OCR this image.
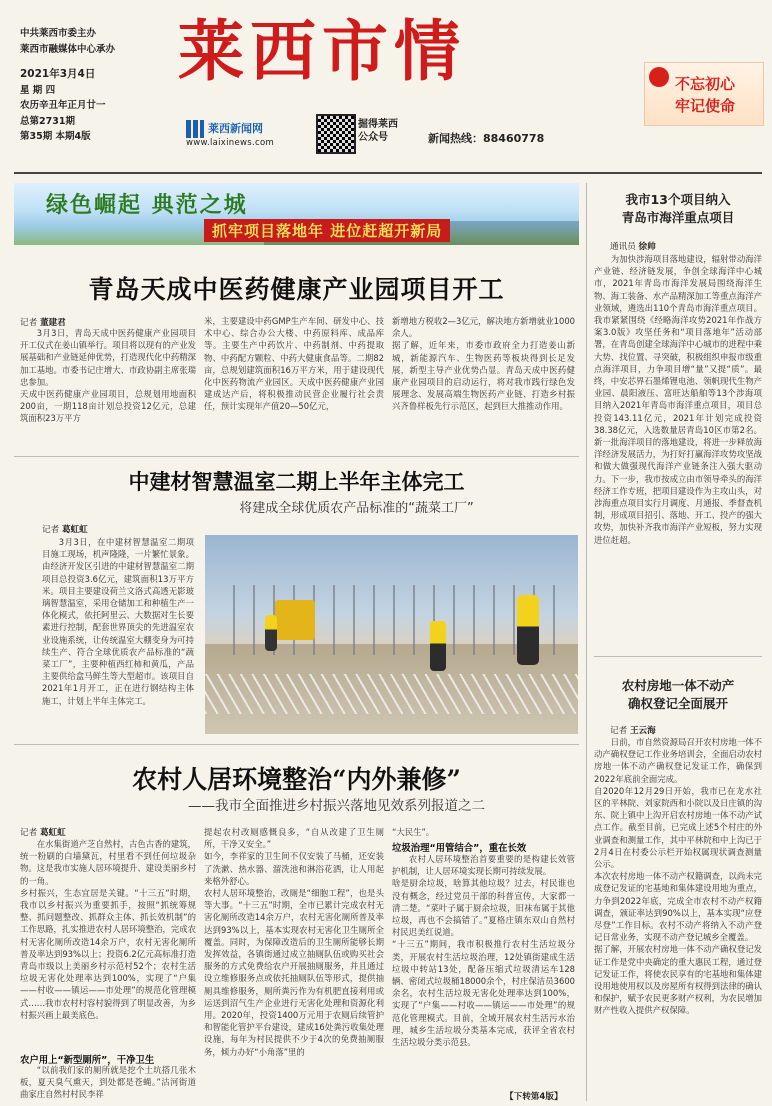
中共莱西市委主办
莱西市融媒体中心承办
2021年3月4日
星 期 四
农历辛丑年正月廿一
总第2731期
第35期 本期4版
莱西市情
莱西新闻网
www.laixinews.com
掘得莱西
公众号	新闻热线：88460778
不忘初心
牢记使命
绿色崛起 典范之城
抓牢项目落地年 进位赶超开新局
青岛天成中医药健康产业园项目开工
记者 董建君

3月3日，青岛天成中医药健康产业园项目开工仪式在姜山镇举行。项目将以现有的产业发展基础和产业链延伸优势，打造现代化中药精深加工基地。市委书记庄增大、市政协副主席张瑞忠参加。
天成中医药健康产业园项目，总规划用地面积200亩，一期118亩计划总投资12亿元，总建筑面积23万平方

米，主要建设中药GMP生产车间、研发中心、技术中心、综合办公大楼、中药原料库、成品库等。主要生产中药饮片、中药制剂、中药提取物、中药配方颗粒、中药大健康食品等。二期82亩，总规划建筑面积16万平方米，用于建设现代化中医药物流产业园区。天成中医药健康产业园建成达产后，将积极推动民营企业履行社会责任，预计实现年产值20—50亿元，

新增地方税收2—3亿元，解决地方新增就业1000余人。
据了解，近年来，市委市政府全力打造姜山新城，新能源汽车、生物医药等板块得到长足发展，新型主导产业优势凸显。青岛天成中医药健康产业园项目的启动运行，将对我市践行绿色发展理念、发展高端生物医药产业链、打造乡村振兴齐鲁样板先行示范区，起到巨大推推动作用。

中建材智慧温室二期上半年主体完工
将建成全球优质农产品标准的“蔬菜工厂”
记者 葛虹虹

3月3日，在中建材智慧温室二期项目施工现场，机声隆隆，一片繁忙景象。由经济开发区引进的中建材智慧温室二期项目总投资3.6亿元，建筑面积13万平方米。项目主要建设荷兰文洛式高透无影玻璃智慧温室，采用仓储加工和种植生产一体化模式，依托阿里云、大数据对生长要素进行控制，配套世界顶尖的先进温室农业设施系统，让传统温室大棚变身为可持续生产、符合全球优质农产品标准的“蔬菜工厂”，主要种植西红柿和黄瓜，产品主要供给盒马鲜生等大型超市。该项目自2021年1月开工，正在进行钢结构主体施工，计划上半年主体完工。

农村人居环境整治“内外兼修”
——我市全面推进乡村振兴落地见效系列报道之二
记者 葛虹虹

在水集街道产芝自然村，古色古香的建筑，统一粉刷的白墙黛瓦，村里看不到任何垃圾杂物。这是我市实施人居环境提升、建设美丽乡村的一角。
乡村振兴，生态宜居是关键。“十三五”时期，我市以乡村振兴为重要抓手，按照“抓统筹规整、抓问题整改、抓群众主体、抓长效机制”的工作思路，扎实推进农村人居环境整治，完成农村无害化厕所改造14余万户，农村无害化厕所普及率达到93%以上；投资6.2亿元高标准打造青岛市级以上美丽乡村示范村52个；农村生活垃圾无害化处理率达到100%，实现了“户集——村收——镇运——市处理”的规范化管理模式……我市农村村容村貌得到了明显改善，为乡村振兴画上最美底色。

农户用上“新型厕所”，干净卫生

“以前我们家的厕所就是挖个土坑搭几张木板，夏天臭气熏天，到处都是苍蝇。”沽河街道曲家庄自然村村民李祥

提起农村改厕感慨良多，“自从改建了卫生厕所，干净又安全。”
如今，李祥家的卫生间不仅安装了马桶，还安装了洗漱、热水器、溜洗池和淋浴花洒，让人用起来格外舒心。
农村人居环境整治，改厕是“细胞工程”，也是头等大事。“十三五”时期，全市已累计完成农村无害化厕所改造14余万户，农村无害化厕所普及率达到93%以上，基本实现农村无害化卫生厕所全覆盖。同时，为保障改造后的卫生厕所能够长期发挥效益，各镇街通过成立抽厕队伍或购买社会服务的方式免费给农户开展抽厕服务，并且通过设立维修服务点或依托抽厕队伍等形式，提供抽厕具维修服务，厕所粪污作为有机肥直接利用或运送到沼气生产企业进行无害化处理和资源化利用。2020年，投资1400万元用于农厕后续管护和智能化管护平台建设，建成16处粪污收集处理设施，每年为村民提供不少于4次的免费抽厕服务，倾力办好“小角落”里的

“大民生”。

垃圾治理“用管结合”，重在长效

农村人居环境整治首要重要的是构建长效管护机制，让人居环境实现长期可持续发展。
啥是厨余垃圾，啥算其他垃圾？过去，村民谁也没有概念，经过党员干部的科普宣传，大家都一清二楚。“菜叶子属于厨余垃圾，旧袜布属于其他垃圾，再也不会搞错了。”夏格庄镇东双山自然村村民迟美红说道。
“十三五”期间，我市积极推行农村生活垃圾分类，开展农村生活垃圾治理，12处镇街建成生活垃圾中转站13处，配备压缩式垃圾清运车128辆、密闭式垃圾桶18000余个，村庄保洁员3600余名，农村生活垃圾无害化处理率达到100%，实现了“户集——村收——镇运——市处理”的规范化管理模式。目前，全域开展农村生活污水治理，城乡生活垃圾分类基本完成，获评全省农村生活垃圾分类示范县。

【下转第4版】
我市13个项目纳入
青岛市海洋重点项目
通讯员 徐帅

为加快涉海项目落地建设，辐射带动海洋产业链、经济链发展，争创全球海洋中心城市，2021年青岛市海洋发展局围绕海洋生物、海工装备、水产品精深加工等重点海洋产业领域，遴选出110个青岛市海洋重点项目。我市紧紧围绕《经略海洋攻势2021年作战方案3.0版》攻坚任务和“项目落地年”活动部署，在青岛创建全球海洋中心城市的进程中乘大势、找位置、寻突破，积极组织申报市级重点海洋项目，力争项目增“量”又提“质”。最终，中安芯界石墨烯锂电池、领帆现代生物产业园、晨阳液压、富旺达船舶等13个涉海项目纳入2021年青岛市海洋重点项目，项目总投资143.11亿元，2021年计划完成投资38.38亿元，入选数量居青岛10区市第2名。新一批海洋项目的落地建设，将进一步释放海洋经济发展活力，为打好打赢海洋攻势攻坚战和做大做强现代海洋产业链条注入强大驱动力。下一步，我市按成立由市领导牵头的海洋经济工作专班，把项目建设作为主攻山头，对涉海重点项目实行月调度、月通报、季督查机制，形成项目招引、落地、开工、投产的强大攻势，加快补齐我市海洋产业短板，努力实现进位赶超。

农村房地一体不动产
确权登记全面展开
记者 王云海

日前，市自然资源局召开农村房地一体不动产确权登记工作业务培训会，全面启动农村房地一体不动产确权登记发证工作，确保到2022年底前全面完成。
自2020年12月29日开始，我市已在龙水社区的平林院、刘家院西和小院以及日庄镇的沟东、院上镇中上沟开启农村房地一体不动产试点工作。截至目前，已完成上述5个村庄的外业调查和测量工作，其中平林院和中上沟已于2月4日在村委公示栏开始权属现状调查测量公示。
本次农村房地一体不动产权籍调查，以尚未完成登记发证的宅基地和集体建设用地为重点，力争到2022年底，完成全市农村不动产权籍调查，颁证率达到90%以上，基本实现“应登尽登”工作目标。农村不动产将纳入不动产登记日常业务，实现不动产登记城乡全覆盖。
据了解，开展农村房地一体不动产确权登记发证工作是党中央确定的重大惠民工程，通过登记发证工作，将使农民享有的宅基地和集体建设用地使用权以及房屋所有权得到法律的确认和保护，赋予农民更多财产权利，为农民增加财产性收入提供产权保障。
